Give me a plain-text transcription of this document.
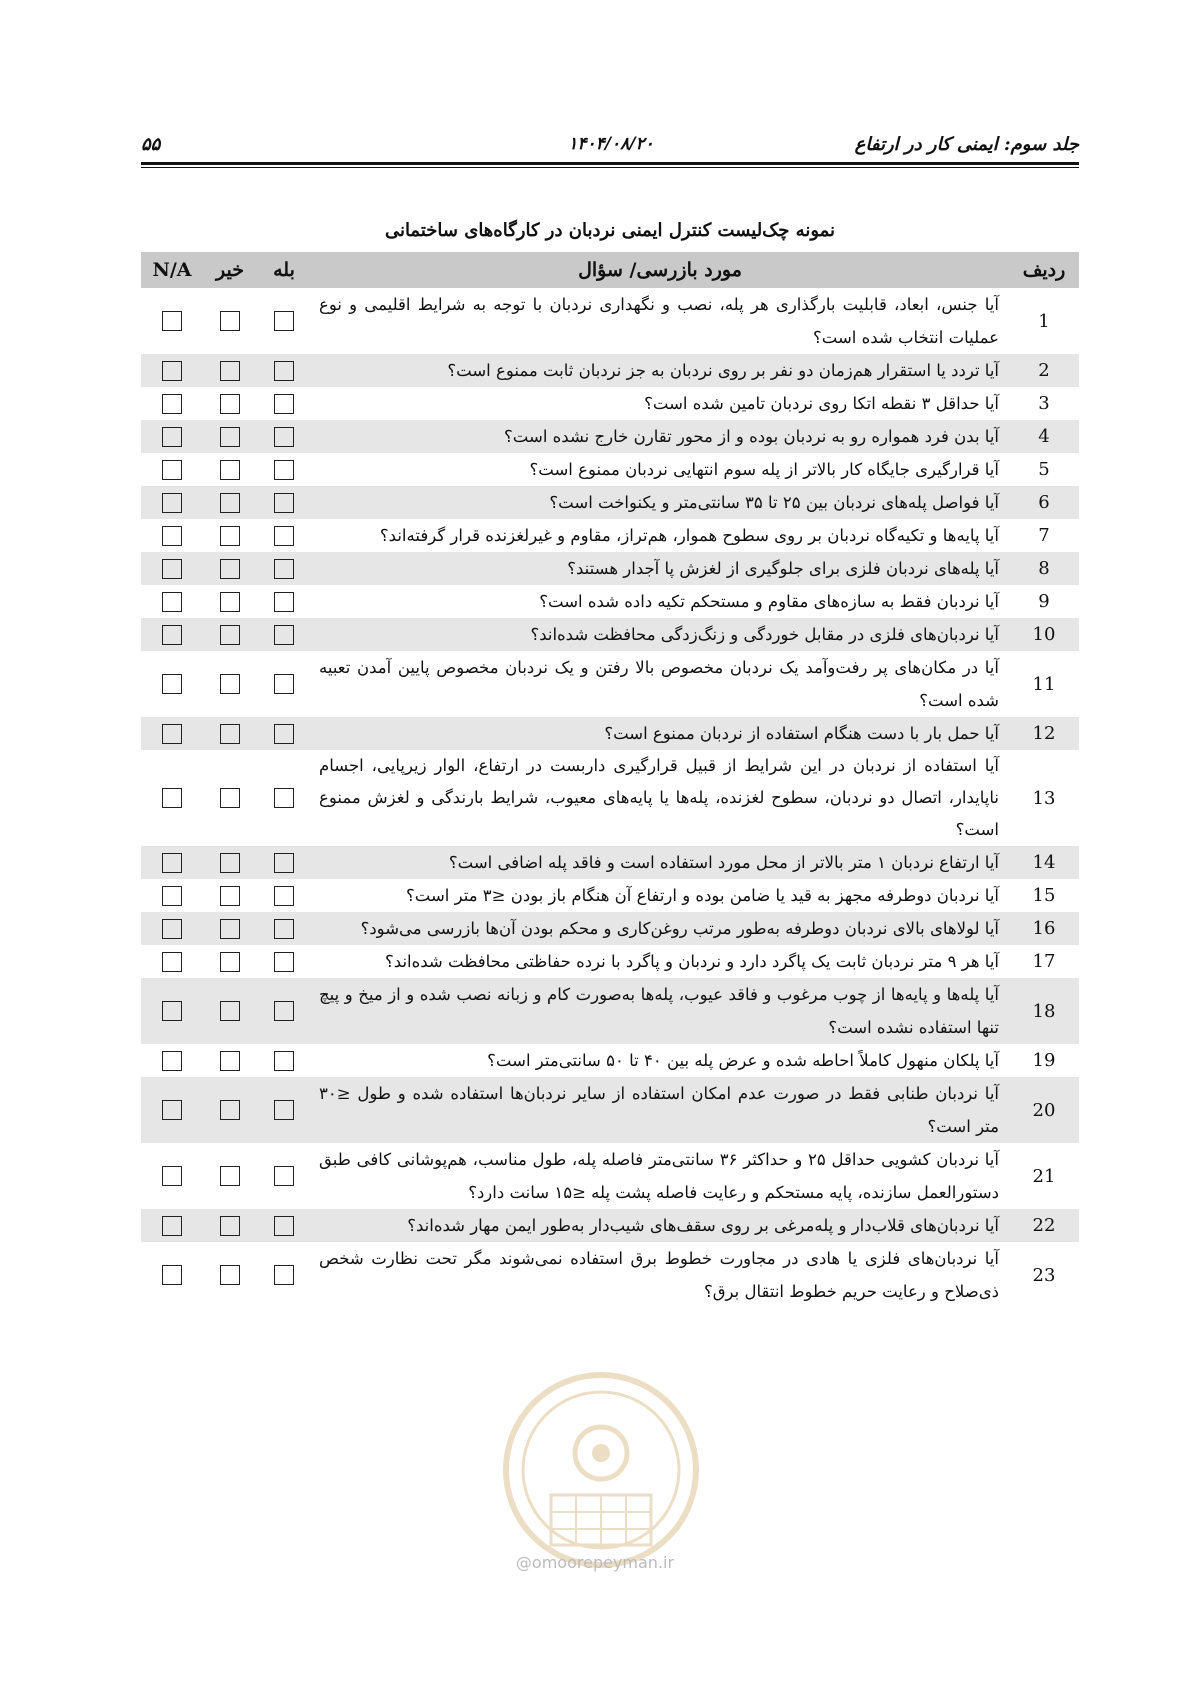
جلد سوم: ایمنی کار در ارتفاع
۱۴۰۴/۰۸/۲۰
۵۵
نمونه چک‌لیست کنترل ایمنی نردبان در کارگاه‌های ساختمانی
ردیف	مورد بازرسی/ سؤال	بله	خیر	N/A
1	آیا جنس، ابعاد، قابلیت بارگذاری هر پله، نصب و نگهداری نردبان با توجه به شرایط اقلیمی و نوع عملیات انتخاب شده است؟			
2	آیا تردد یا استقرار هم‌زمان دو نفر بر روی نردبان به جز نردبان ثابت ممنوع است؟			
3	آیا حداقل ۳ نقطه اتکا روی نردبان تامین شده است؟			
4	آیا بدن فرد همواره رو به نردبان بوده و از محور تقارن خارج نشده است؟			
5	آیا قرارگیری جایگاه کار بالاتر از پله سوم انتهایی نردبان ممنوع است؟			
6	آیا فواصل پله‌های نردبان بین ۲۵ تا ۳۵ سانتی‌متر و یکنواخت است؟			
7	آیا پایه‌ها و تکیه‌گاه نردبان بر روی سطوح هموار، هم‌تراز، مقاوم و غیرلغزنده قرار گرفته‌اند؟			
8	آیا پله‌های نردبان فلزی برای جلوگیری از لغزش پا آجدار هستند؟			
9	آیا نردبان فقط به سازه‌های مقاوم و مستحکم تکیه داده شده است؟			
10	آیا نردبان‌های فلزی در مقابل خوردگی و زنگ‌زدگی محافظت شده‌اند؟			
11	آیا در مکان‌های پر رفت‌وآمد یک نردبان مخصوص بالا رفتن و یک نردبان مخصوص پایین آمدن تعبیه شده است؟			
12	آیا حمل بار با دست هنگام استفاده از نردبان ممنوع است؟			
13	آیا استفاده از نردبان در این شرایط از قبیل قرارگیری داربست در ارتفاع، الوار زیرپایی، اجسام ناپایدار، اتصال دو نردبان، سطوح لغزنده، پله‌ها یا پایه‌های معیوب، شرایط بارندگی و لغزش ممنوع است؟			
14	آیا ارتفاع نردبان ۱ متر بالاتر از محل مورد استفاده است و فاقد پله اضافی است؟			
15	آیا نردبان دوطرفه مجهز به قید یا ضامن بوده و ارتفاع آن هنگام باز بودن ≤۳ متر است؟			
16	آیا لولاهای بالای نردبان دوطرفه به‌طور مرتب روغن‌کاری و محکم بودن آن‌ها بازرسی می‌شود؟			
17	آیا هر ۹ متر نردبان ثابت یک پاگرد دارد و نردبان و پاگرد با نرده حفاظتی محافظت شده‌اند؟			
18	آیا پله‌ها و پایه‌ها از چوب مرغوب و فاقد عیوب، پله‌ها به‌صورت کام و زبانه نصب شده و از میخ و پیچ تنها استفاده نشده است؟			
19	آیا پلکان منهول کاملاً احاطه شده و عرض پله بین ۴۰ تا ۵۰ سانتی‌متر است؟			
20	آیا نردبان طنابی فقط در صورت عدم امکان استفاده از سایر نردبان‌ها استفاده شده و طول ≤۳۰ متر است؟			
21	آیا نردبان کشویی حداقل ۲۵ و حداکثر ۳۶ سانتی‌متر فاصله پله، طول مناسب، هم‌پوشانی کافی طبق دستورالعمل سازنده، پایه مستحکم و رعایت فاصله پشت پله ≤۱۵ سانت دارد؟			
22	آیا نردبان‌های قلاب‌دار و پله‌مرغی بر روی سقف‌های شیب‌دار به‌طور ایمن مهار شده‌اند؟			
23	آیا نردبان‌های فلزی یا هادی در مجاورت خطوط برق استفاده نمی‌شوند مگر تحت نظارت شخص ذی‌صلاح و رعایت حریم خطوط انتقال برق؟			
@omoorepeyman.ir
